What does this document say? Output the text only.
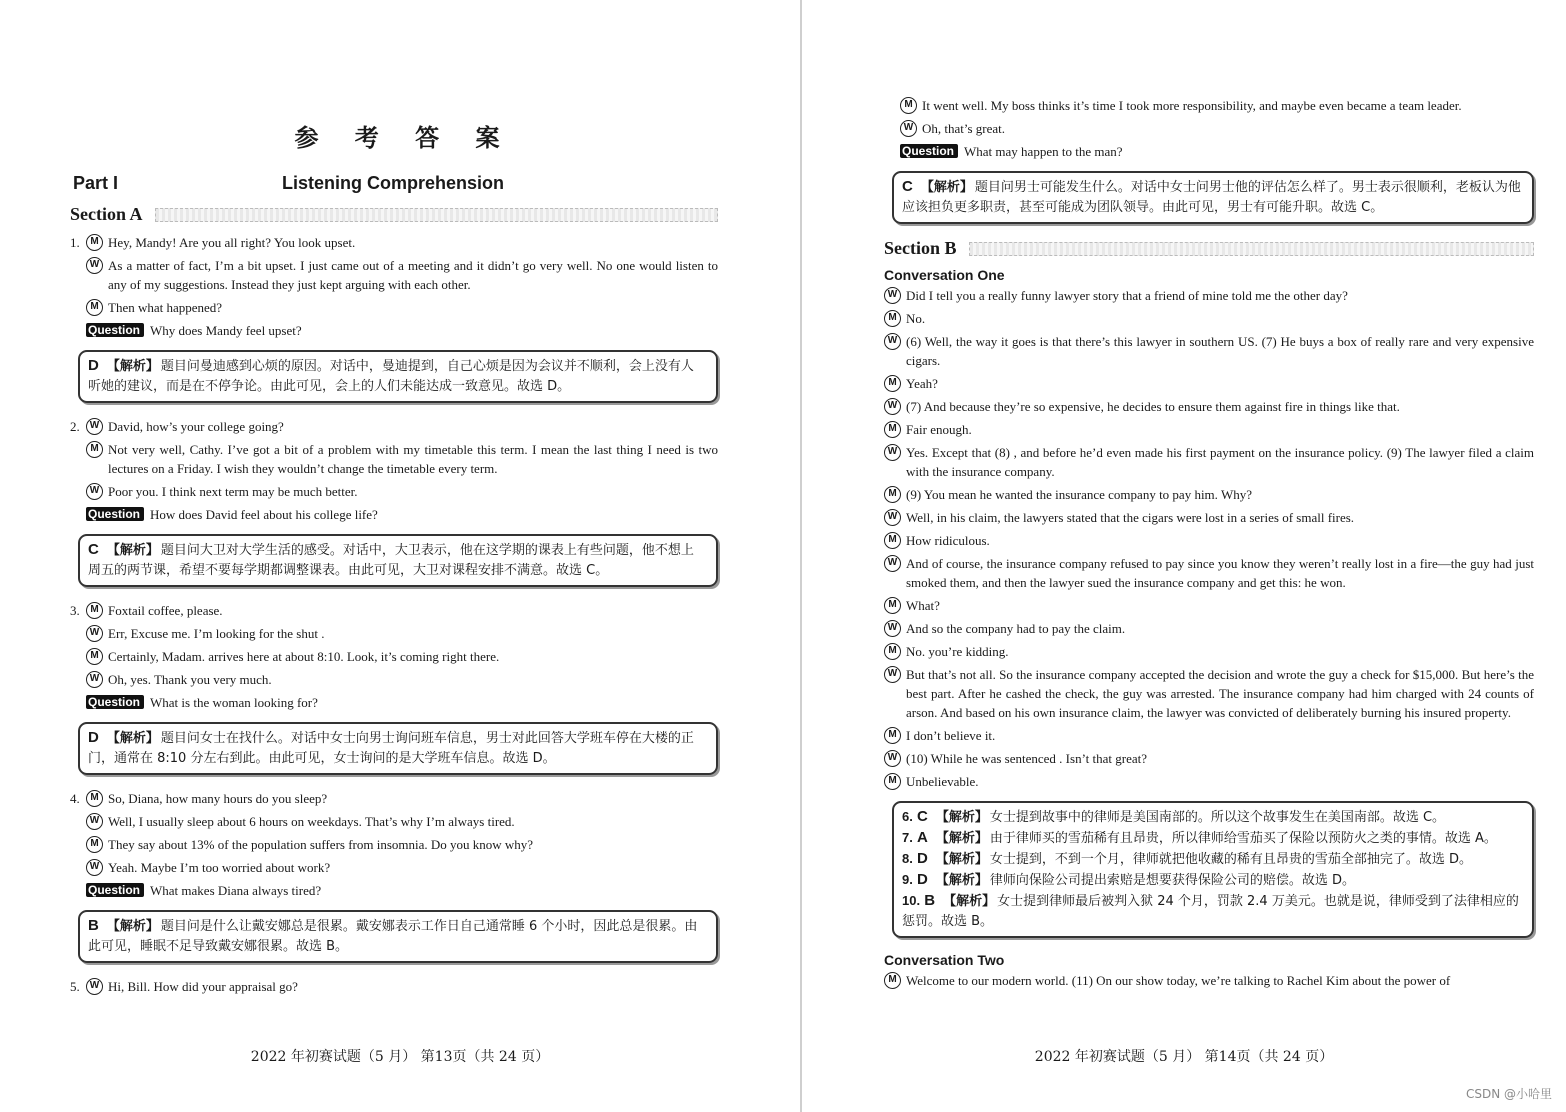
参 考 答 案
Part I	Listening Comprehension
Section A
1.	M Hey, Mandy! Are you all right? You look upset.
W As a matter of fact, I’m a bit upset. I just came out of a meeting and it didn’t go very well. No one would listen to any of my suggestions. Instead they just kept arguing with each other.
M Then what happened?
Question Why does Mandy feel upset?
D 【解析】 题目问曼迪感到心烦的原因。对话中，曼迪提到，自己心烦是因为会议并不顺利，会上没有人听她的建议，而是在不停争论。由此可见，会上的人们未能达成一致意见。故选 D。
2.	W David, how’s your college going?
M Not very well, Cathy. I’ve got a bit of a problem with my timetable this term. I mean the last thing I need is two lectures on a Friday. I wish they wouldn’t change the timetable every term.
W Poor you. I think next term may be much better.
Question How does David feel about his college life?
C 【解析】 题目问大卫对大学生活的感受。对话中，大卫表示，他在这学期的课表上有些问题，他不想上周五的两节课，希望不要每学期都调整课表。由此可见，大卫对课程安排不满意。故选 C。
3.	M Foxtail coffee, please.
W Err, Excuse me. I’m looking for the shut .
M Certainly, Madam. arrives here at about 8:10. Look, it’s coming right there.
W Oh, yes. Thank you very much.
Question What is the woman looking for?
D 【解析】 题目问女士在找什么。对话中女士向男士询问班车信息，男士对此回答大学班车停在大楼的正门，通常在 8:10 分左右到此。由此可见，女士询问的是大学班车信息。故选 D。
4.	M So, Diana, how many hours do you sleep?
W Well, I usually sleep about 6 hours on weekdays. That’s why I’m always tired.
M They say about 13% of the population suffers from insomnia. Do you know why?
W Yeah. Maybe I’m too worried about work?
Question What makes Diana always tired?
B 【解析】 题目问是什么让戴安娜总是很累。戴安娜表示工作日自己通常睡 6 个小时，因此总是很累。由此可见，睡眠不足导致戴安娜很累。故选 B。
5.	W Hi, Bill. How did your appraisal go?
2022 年初赛试题（5 月） 第13页（共 24 页）
M It went well. My boss thinks it’s time I took more responsibility, and maybe even became a team leader.
W Oh, that’s great.
Question What may happen to the man?
C 【解析】 题目问男士可能发生什么。对话中女士问男士他的评估怎么样了。男士表示很顺利，老板认为他应该担负更多职责，甚至可能成为团队领导。由此可见，男士有可能升职。故选 C。
Section B
Conversation One
W Did I tell you a really funny lawyer story that a friend of mine told me the other day?
M No.
W (6) Well, the way it goes is that there’s this lawyer in southern US. (7) He buys a box of really rare and very expensive cigars.
M Yeah?
W (7) And because they’re so expensive, he decides to ensure them against fire in things like that.
M Fair enough.
W Yes. Except that (8) , and before he’d even made his first payment on the insurance policy. (9) The lawyer filed a claim with the insurance company.
M (9) You mean he wanted the insurance company to pay him. Why?
W Well, in his claim, the lawyers stated that the cigars were lost in a series of small fires.
M How ridiculous.
W And of course, the insurance company refused to pay since you know they weren’t really lost in a fire—the guy had just smoked them, and then the lawyer sued the insurance company and get this: he won.
M What?
W And so the company had to pay the claim.
M No. you’re kidding.
W But that’s not all. So the insurance company accepted the decision and wrote the guy a check for $15,000. But here’s the best part. After he cashed the check, the guy was arrested. The insurance company had him charged with 24 counts of arson. And based on his own insurance claim, the lawyer was convicted of deliberately burning his insured property.
M I don’t believe it.
W (10) While he was sentenced . Isn’t that great?
M Unbelievable.
6. C 【解析】 女士提到故事中的律师是美国南部的。所以这个故事发生在美国南部。故选 C。
7. A 【解析】 由于律师买的雪茄稀有且昂贵，所以律师给雪茄买了保险以预防火之类的事情。故选 A。
8. D 【解析】 女士提到，不到一个月，律师就把他收藏的稀有且昂贵的雪茄全部抽完了。故选 D。
9. D 【解析】 律师向保险公司提出索赔是想要获得保险公司的赔偿。故选 D。
10. B 【解析】 女士提到律师最后被判入狱 24 个月，罚款 2.4 万美元。也就是说，律师受到了法律相应的惩罚。故选 B。
Conversation Two
M Welcome to our modern world. (11) On our show today, we’re talking to Rachel Kim about the power of
2022 年初赛试题（5 月） 第14页（共 24 页）
CSDN @小哈里
